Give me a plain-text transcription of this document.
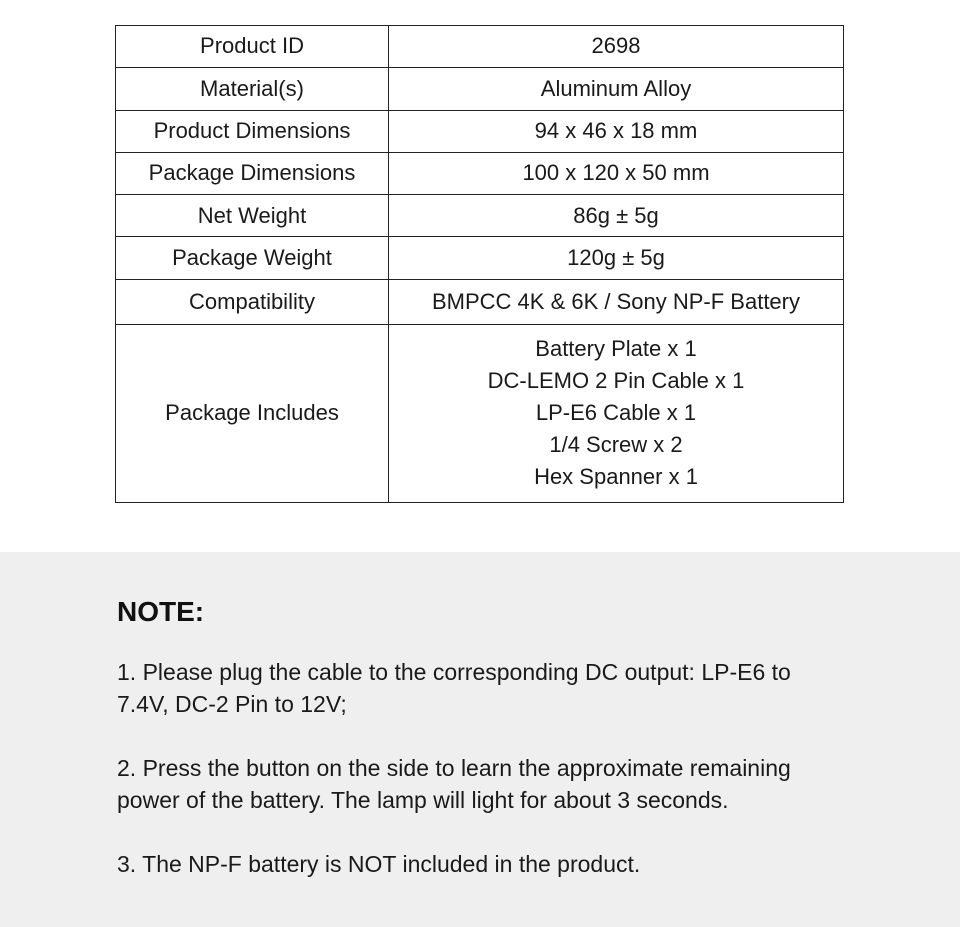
Product ID	2698
Material(s)	Aluminum Alloy
Product Dimensions	94 x 46 x 18 mm
Package Dimensions	100 x 120 x 50 mm
Net Weight	86g ± 5g
Package Weight	120g ± 5g
Compatibility	BMPCC 4K & 6K / Sony NP-F Battery
Package Includes	Battery Plate x 1
DC-LEMO 2 Pin Cable x 1
LP-E6 Cable x 1
1/4 Screw x 2
Hex Spanner x 1
NOTE:

1. Please plug the cable to the corresponding DC output: LP-E6 to 7.4V, DC-2 Pin to 12V;

2. Press the button on the side to learn the approximate remaining power of the battery. The lamp will light for about 3 seconds.

3. The NP-F battery is NOT included in the product.
